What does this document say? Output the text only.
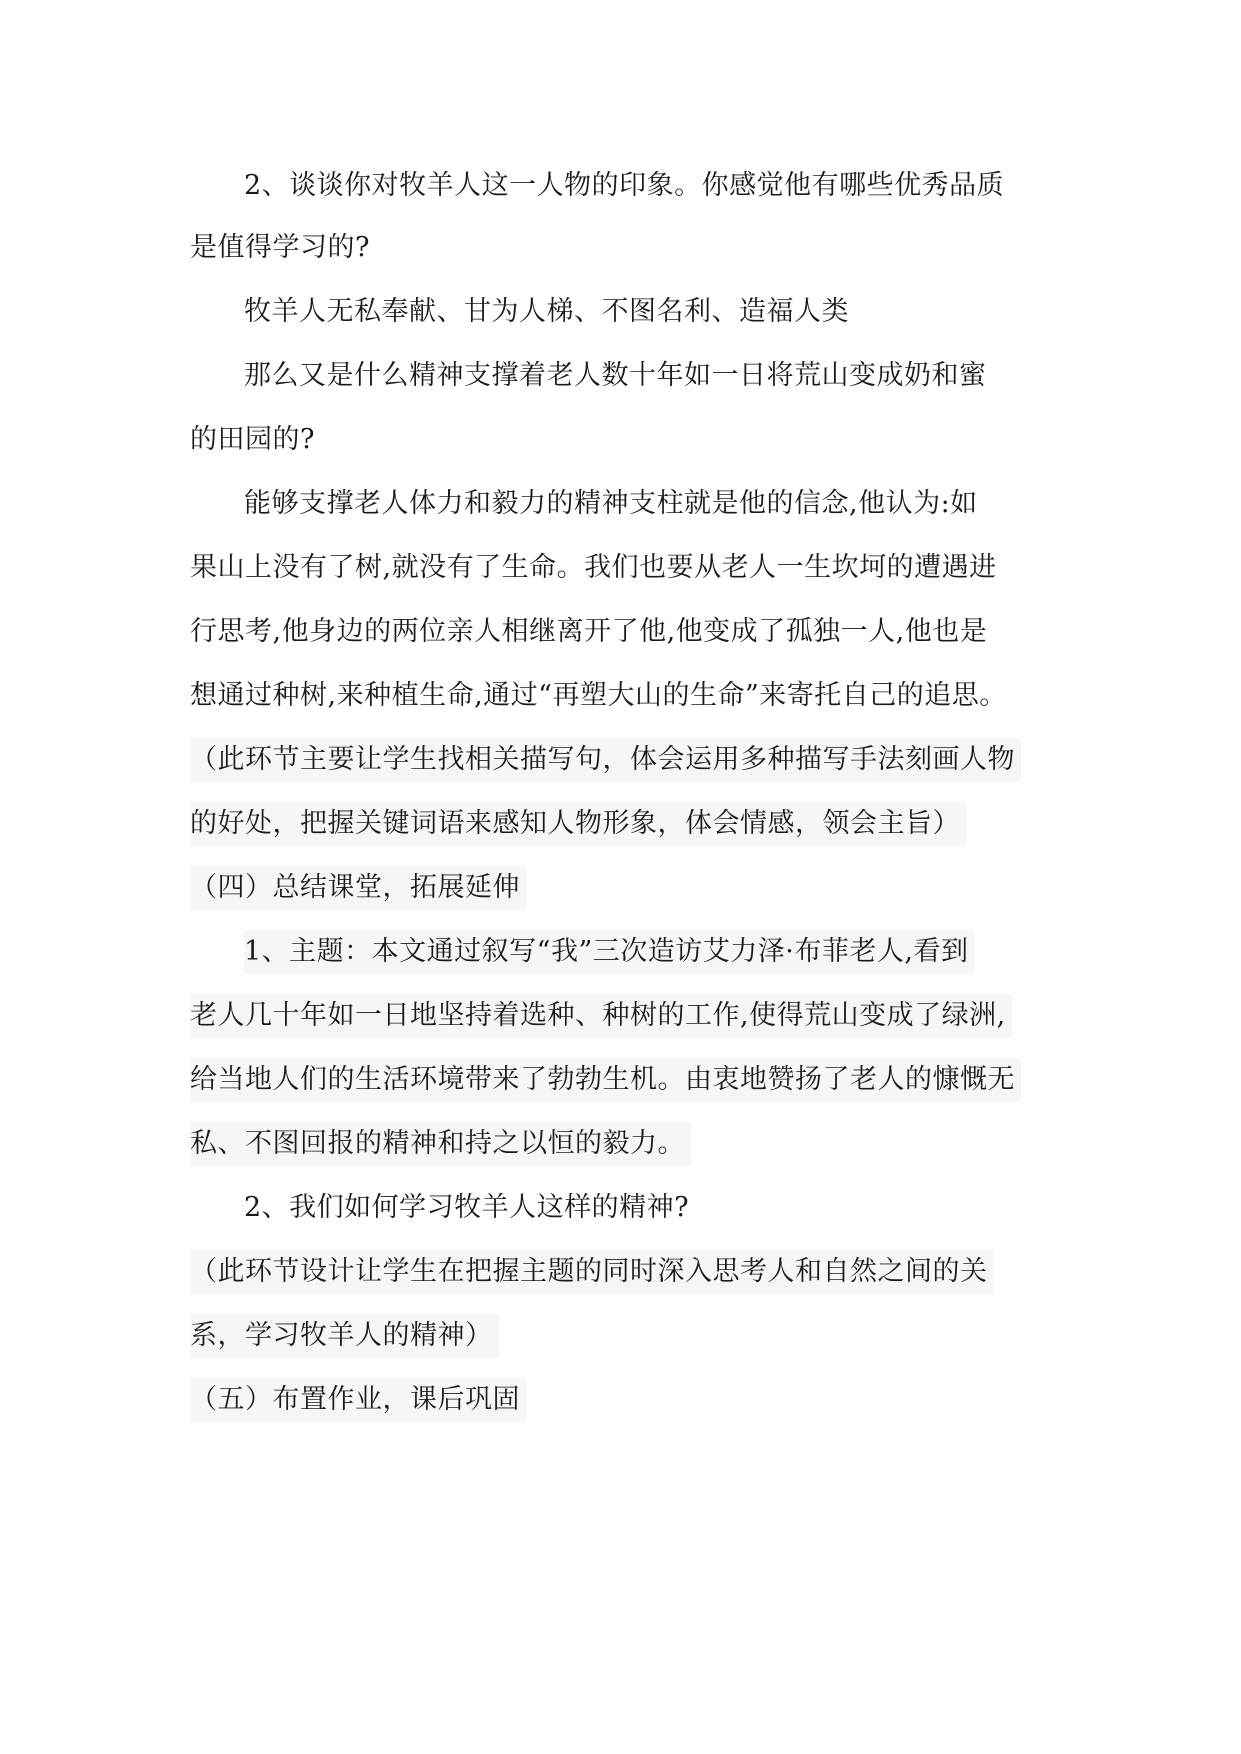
2、谈谈你对牧羊人这一人物的印象。你感觉他有哪些优秀品质
是值得学习的?
牧羊人无私奉献、甘为人梯、不图名利、造福人类
那么又是什么精神支撑着老人数十年如一日将荒山变成奶和蜜
的田园的?
能够支撑老人体力和毅力的精神支柱就是他的信念,他认为:如
果山上没有了树,就没有了生命。我们也要从老人一生坎坷的遭遇进
行思考,他身边的两位亲人相继离开了他,他变成了孤独一人,他也是
想通过种树,来种植生命,通过“再塑大山的生命”来寄托自己的追思。
（此环节主要让学生找相关描写句，体会运用多种描写手法刻画人物
的好处，把握关键词语来感知人物形象，体会情感，领会主旨）
（四）总结课堂，拓展延伸
1、主题：本文通过叙写“我”三次造访艾力泽·布菲老人,看到
老人几十年如一日地坚持着选种、种树的工作,使得荒山变成了绿洲,
给当地人们的生活环境带来了勃勃生机。由衷地赞扬了老人的慷慨无
私、不图回报的精神和持之以恒的毅力。
2、我们如何学习牧羊人这样的精神?
（此环节设计让学生在把握主题的同时深入思考人和自然之间的关
系，学习牧羊人的精神）
（五）布置作业，课后巩固
